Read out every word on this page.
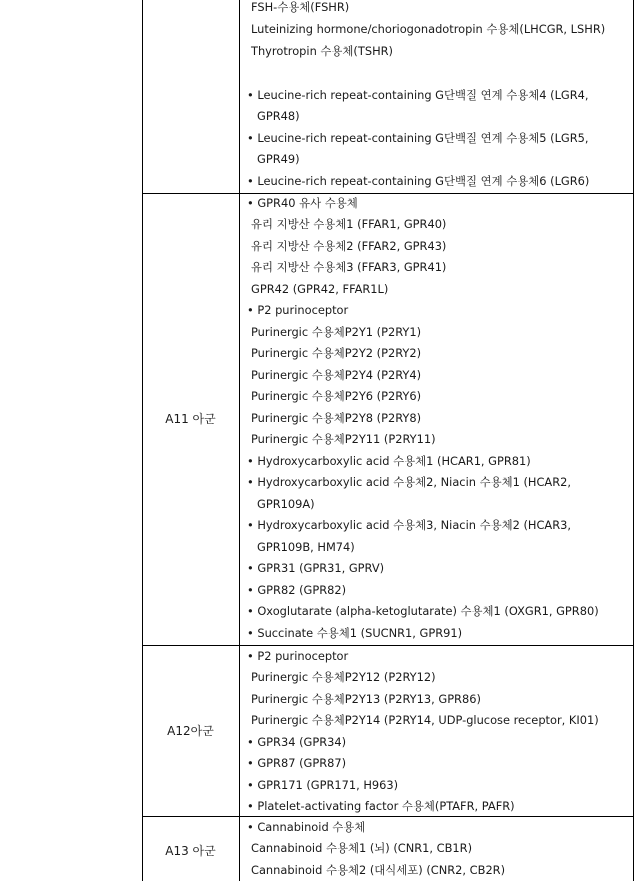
FSH-수용체(FSHR)
Luteinizing hormone/choriogonadotropin 수용체(LHCGR, LSHR)
Thyrotropin 수용체(TSHR)
• Leucine-rich repeat-containing G단백질 연계 수용체4 (LGR4,
GPR48)
• Leucine-rich repeat-containing G단백질 연계 수용체5 (LGR5,
GPR49)
• Leucine-rich repeat-containing G단백질 연계 수용체6 (LGR6)
A11 아군
• GPR40 유사 수용체
유리 지방산 수용체1 (FFAR1, GPR40)
유리 지방산 수용체2 (FFAR2, GPR43)
유리 지방산 수용체3 (FFAR3, GPR41)
GPR42 (GPR42, FFAR1L)
• P2 purinoceptor
Purinergic 수용체P2Y1 (P2RY1)
Purinergic 수용체P2Y2 (P2RY2)
Purinergic 수용체P2Y4 (P2RY4)
Purinergic 수용체P2Y6 (P2RY6)
Purinergic 수용체P2Y8 (P2RY8)
Purinergic 수용체P2Y11 (P2RY11)
• Hydroxycarboxylic acid 수용체1 (HCAR1, GPR81)
• Hydroxycarboxylic acid 수용체2, Niacin 수용체1 (HCAR2,
GPR109A)
• Hydroxycarboxylic acid 수용체3, Niacin 수용체2 (HCAR3,
GPR109B, HM74)
• GPR31 (GPR31, GPRV)
• GPR82 (GPR82)
• Oxoglutarate (alpha-ketoglutarate) 수용체1 (OXGR1, GPR80)
• Succinate 수용체1 (SUCNR1, GPR91)
A12아군
• P2 purinoceptor
Purinergic 수용체P2Y12 (P2RY12)
Purinergic 수용체P2Y13 (P2RY13, GPR86)
Purinergic 수용체P2Y14 (P2RY14, UDP-glucose receptor, KI01)
• GPR34 (GPR34)
• GPR87 (GPR87)
• GPR171 (GPR171, H963)
• Platelet-activating factor 수용체(PTAFR, PAFR)
A13 아군
• Cannabinoid 수용체
Cannabinoid 수용체1 (뇌) (CNR1, CB1R)
Cannabinoid 수용체2 (대식세포) (CNR2, CB2R)
